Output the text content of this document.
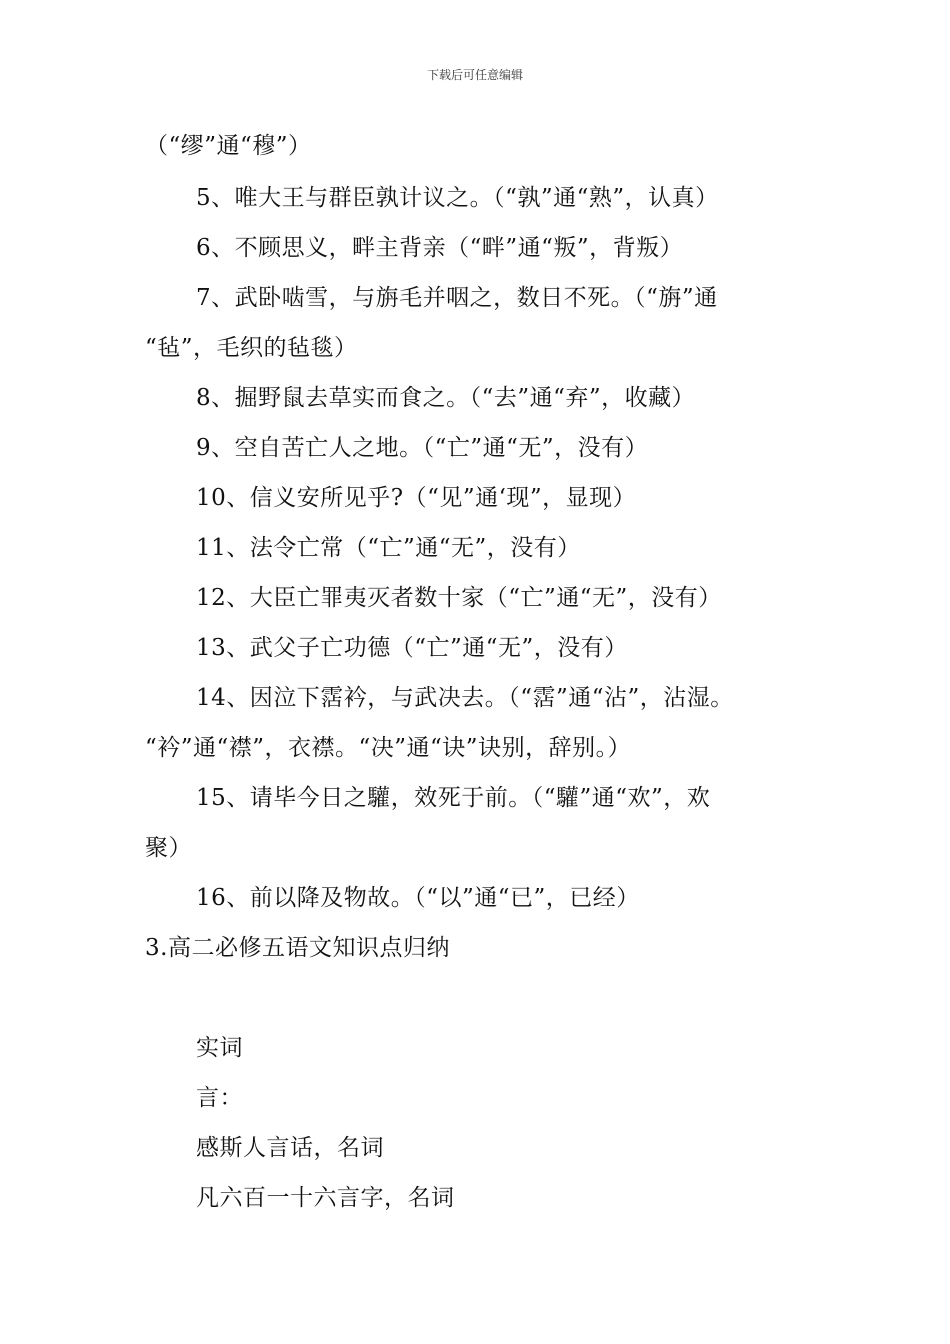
下载后可任意编辑
（“缪”通“穆”）
5、唯大王与群臣孰计议之。（“孰”通“熟”，认真）
6、不顾思义，畔主背亲（“畔”通“叛”，背叛）
7、武卧啮雪，与旃毛并咽之，数日不死。（“旃”通
“毡”，毛织的毡毯）
8、掘野鼠去草实而食之。（“去”通“弃”，收藏）
9、空自苦亡人之地。（“亡”通“无”，没有）
10、信义安所见乎?（“见”通‘现”，显现）
11、法令亡常（“亡”通“无”，没有）
12、大臣亡罪夷灭者数十家（“亡”通“无”，没有）
13、武父子亡功德（“亡”通“无”，没有）
14、因泣下霑衿，与武决去。（“霑”通“沾”，沾湿。
“衿”通“襟”，衣襟。“决”通“诀”诀别，辞别。）
15、请毕今日之驩，效死于前。（“驩”通“欢”，欢
聚）
16、前以降及物故。（“以”通“已”，已经）
3.高二必修五语文知识点归纳
实词
言：
感斯人言话，名词
凡六百一十六言字，名词
